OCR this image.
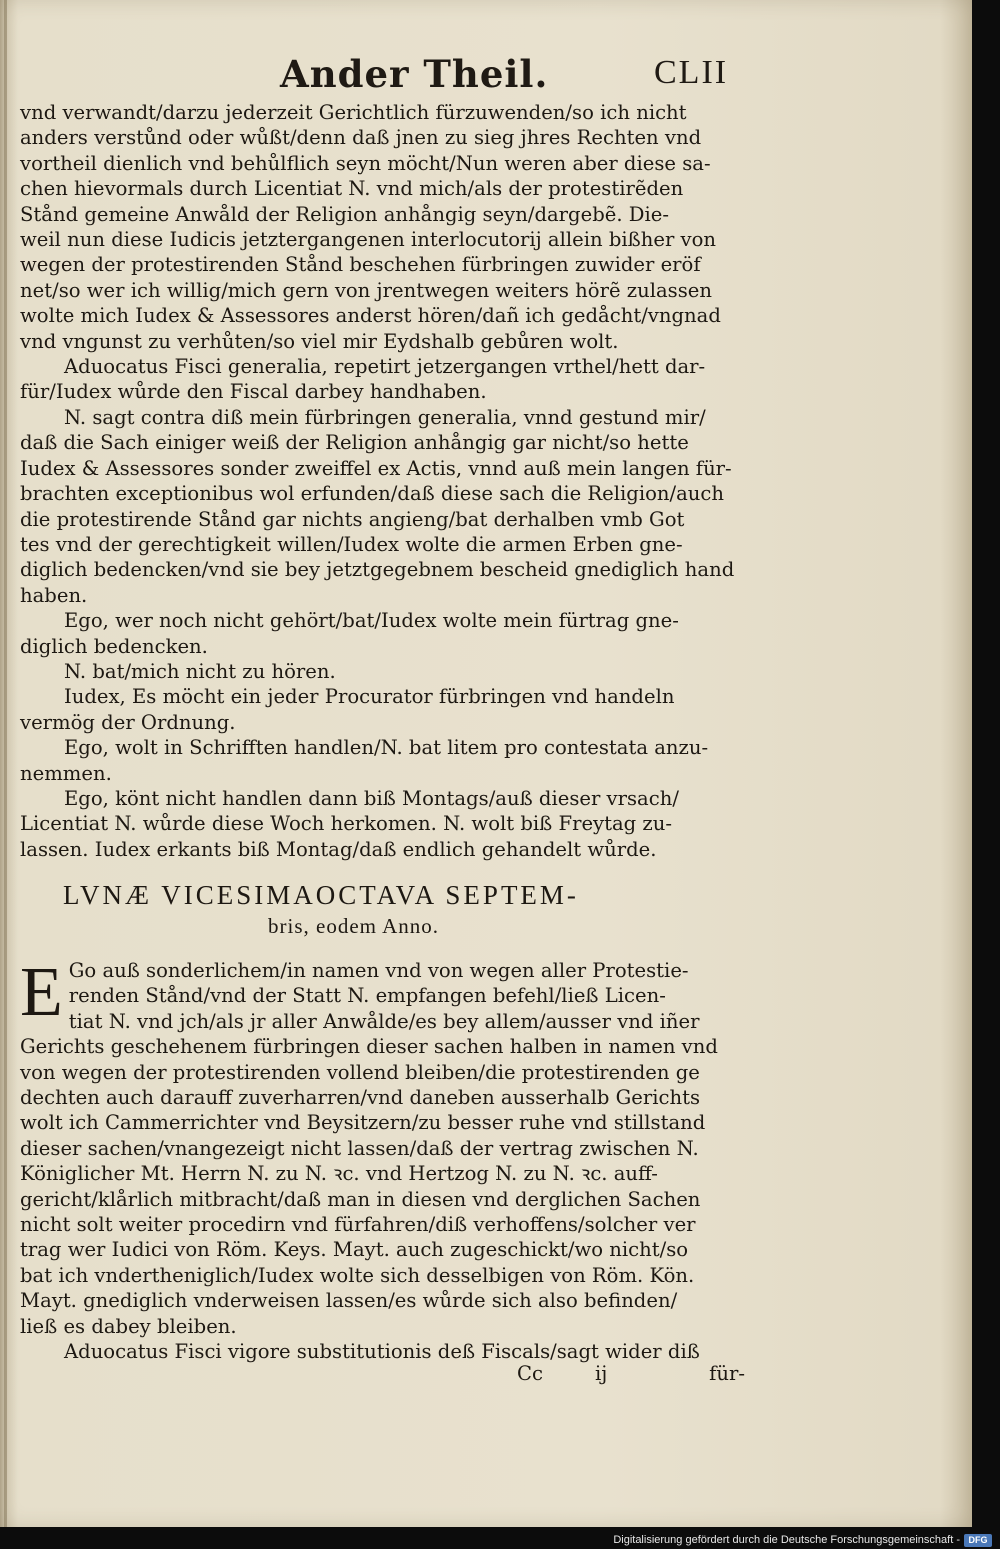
Ander Theil.	CLII

vnd verwandt/darzu jederzeit Gerichtlich fürzuwenden/so ich nicht

anders verstůnd oder wůßt/denn daß jnen zu sieg jhres Rechten vnd

vortheil dienlich vnd behůlflich seyn möcht/Nun weren aber diese sa-

chen hievormals durch Licentiat N. vnd mich/als der protestirẽden

Stånd gemeine Anwåld der Religion anhångig seyn/dargebẽ. Die-

weil nun diese Iudicis jetztergangenen interlocutorij allein bißher von

wegen der protestirenden Stånd beschehen fürbringen zuwider eröf

net/so wer ich willig/mich gern von jrentwegen weiters hörẽ zulassen

wolte mich Iudex & Assessores anderst hören/dañ ich gedåcht/vngnad

vnd vngunst zu verhůten/so viel mir Eydshalb gebůren wolt.

Aduocatus Fisci generalia, repetirt jetzergangen vrthel/hett dar-
für/Iudex wůrde den Fiscal darbey handhaben.

N. sagt contra diß mein fürbringen generalia, vnnd gestund mir/
daß die Sach einiger weiß der Religion anhångig gar nicht/so hette
Iudex & Assessores sonder zweiffel ex Actis, vnnd auß mein langen für-
brachten exceptionibus wol erfunden/daß diese sach die Religion/auch
die protestirende Stånd gar nichts angieng/bat derhalben vmb Got
tes vnd der gerechtigkeit willen/Iudex wolte die armen Erben gne-
diglich bedencken/vnd sie bey jetztgegebnem bescheid gnediglich hand
haben.

Ego, wer noch nicht gehört/bat/Iudex wolte mein fürtrag gne-
diglich bedencken.

N. bat/mich nicht zu hören.

Iudex, Es möcht ein jeder Procurator fürbringen vnd handeln
vermög der Ordnung.

Ego, wolt in Schrifften handlen/N. bat litem pro contestata anzu-
nemmen.

Ego, könt nicht handlen dann biß Montags/auß dieser vrsach/
Licentiat N. wůrde diese Woch herkomen. N. wolt biß Freytag zu-
lassen. Iudex erkants biß Montag/daß endlich gehandelt wůrde.

LVNÆ VICESIMAOCTAVA SEPTEM-
bris, eodem Anno.
E Go auß sonderlichem/in namen vnd von wegen aller Protestie-
renden Stånd/vnd der Statt N. empfangen befehl/ließ Licen-
tiat N. vnd jch/als jr aller Anwålde/es bey allem/ausser vnd iñer
Gerichts geschehenem fürbringen dieser sachen halben in namen vnd
von wegen der protestirenden vollend bleiben/die protestirenden ge
dechten auch darauff zuverharren/vnd daneben ausserhalb Gerichts
wolt ich Cammerrichter vnd Beysitzern/zu besser ruhe vnd stillstand
dieser sachen/vnangezeigt nicht lassen/daß der vertrag zwischen N.
Königlicher Mt. Herrn N. zu N. ꝛc. vnd Hertzog N. zu N. ꝛc. auff-
gericht/klårlich mitbracht/daß man in diesen vnd derglichen Sachen
nicht solt weiter procedirn vnd fürfahren/diß verhoffens/solcher ver
trag wer Iudici von Röm. Keys. Mayt. auch zugeschickt/wo nicht/so
bat ich vndertheniglich/Iudex wolte sich desselbigen von Röm. Kön.
Mayt. gnediglich vnderweisen lassen/es wůrde sich also befinden/
ließ es dabey bleiben.

Aduocatus Fisci vigore substitutionis deß Fiscals/sagt wider diß

Cc	ij	für-
Digitalisierung gefördert durch die Deutsche Forschungsgemeinschaft - DFG
